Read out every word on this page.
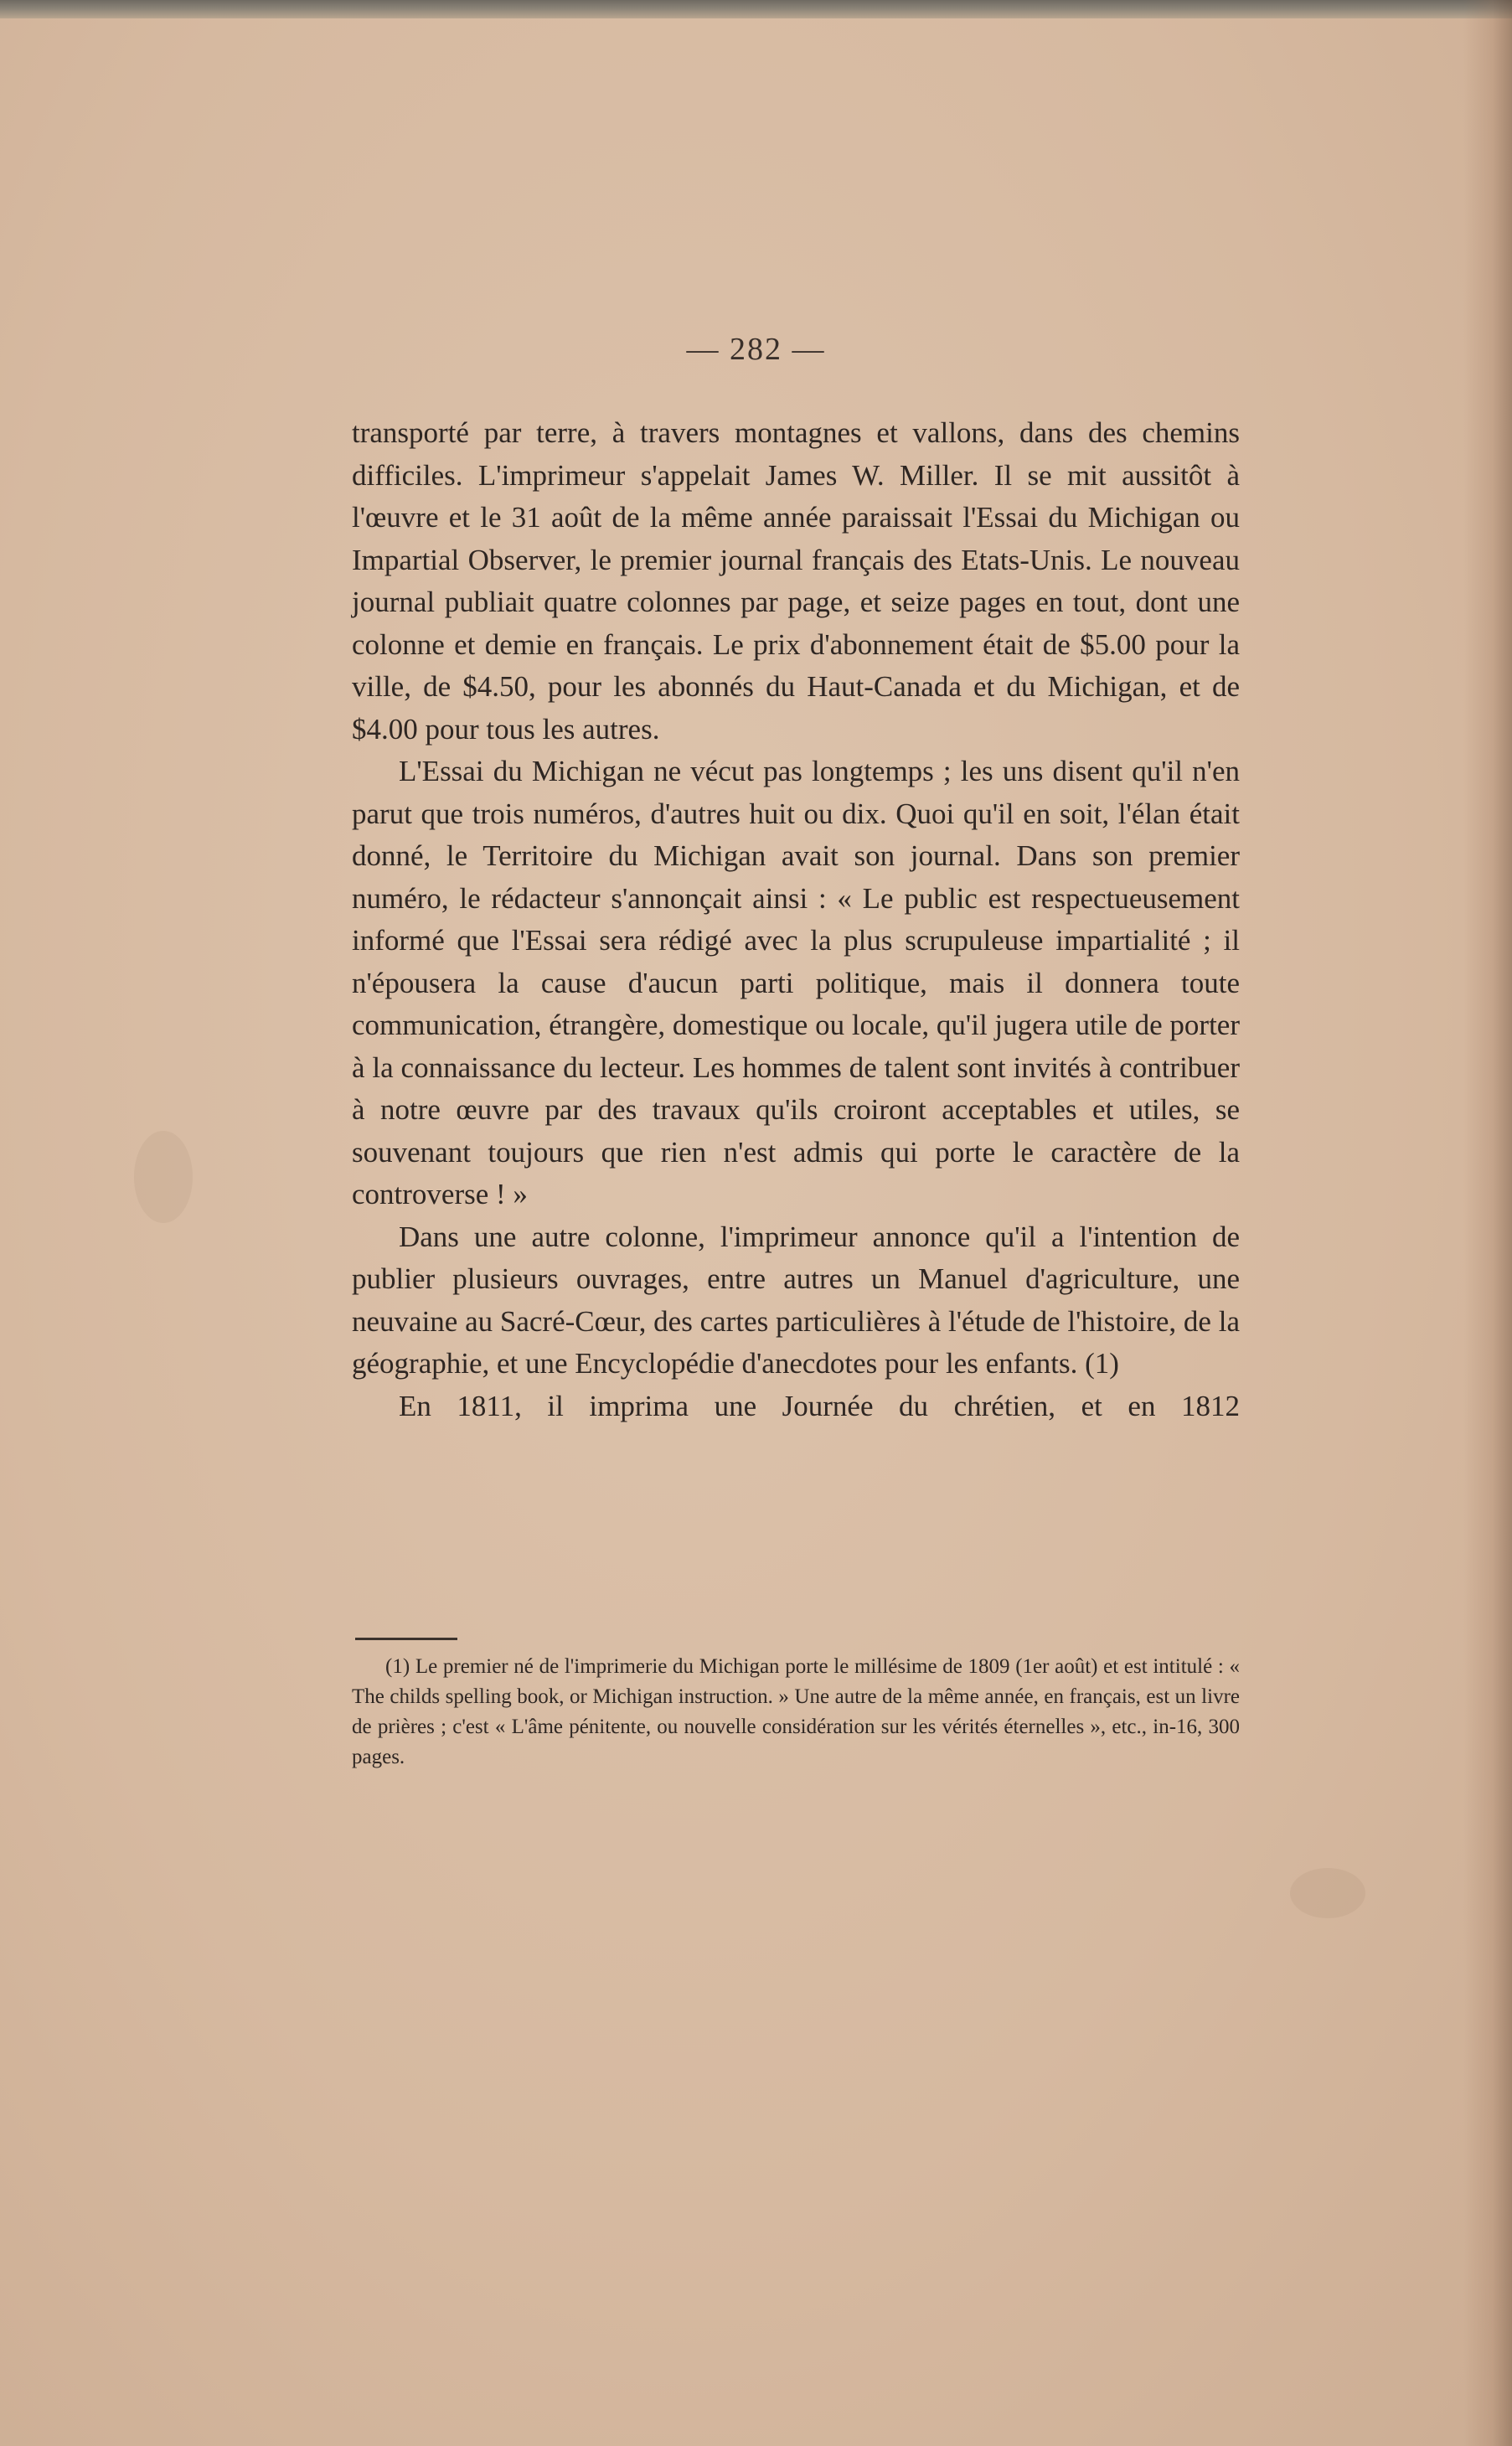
— 282 —

transporté par terre, à travers montagnes et vallons, dans des chemins difficiles. L'imprimeur s'appelait James W. Miller. Il se mit aussitôt à l'œuvre et le 31 août de la même année paraissait l'Essai du Michigan ou Impartial Observer, le premier journal français des Etats-Unis. Le nouveau journal publiait quatre colonnes par page, et seize pages en tout, dont une colonne et demie en français. Le prix d'abonnement était de $5.00 pour la ville, de $4.50, pour les abonnés du Haut-Canada et du Michigan, et de $4.00 pour tous les autres.

L'Essai du Michigan ne vécut pas longtemps ; les uns disent qu'il n'en parut que trois numéros, d'autres huit ou dix. Quoi qu'il en soit, l'élan était donné, le Territoire du Michigan avait son journal. Dans son premier numéro, le rédacteur s'annonçait ainsi : « Le public est respectueusement informé que l'Essai sera rédigé avec la plus scrupuleuse impartialité ; il n'épousera la cause d'aucun parti politique, mais il donnera toute communication, étrangère, domestique ou locale, qu'il jugera utile de porter à la connaissance du lecteur. Les hommes de talent sont invités à contribuer à notre œuvre par des travaux qu'ils croiront acceptables et utiles, se souvenant toujours que rien n'est admis qui porte le caractère de la controverse ! »

Dans une autre colonne, l'imprimeur annonce qu'il a l'intention de publier plusieurs ouvrages, entre autres un Manuel d'agriculture, une neuvaine au Sacré-Cœur, des cartes particulières à l'étude de l'histoire, de la géographie, et une Encyclopédie d'anecdotes pour les enfants. (1)

En 1811, il imprima une Journée du chrétien, et en 1812

(1) Le premier né de l'imprimerie du Michigan porte le millésime de 1809 (1er août) et est intitulé : « The childs spelling book, or Michigan instruction. » Une autre de la même année, en français, est un livre de prières ; c'est « L'âme pénitente, ou nouvelle considération sur les vérités éternelles », etc., in-16, 300 pages.
